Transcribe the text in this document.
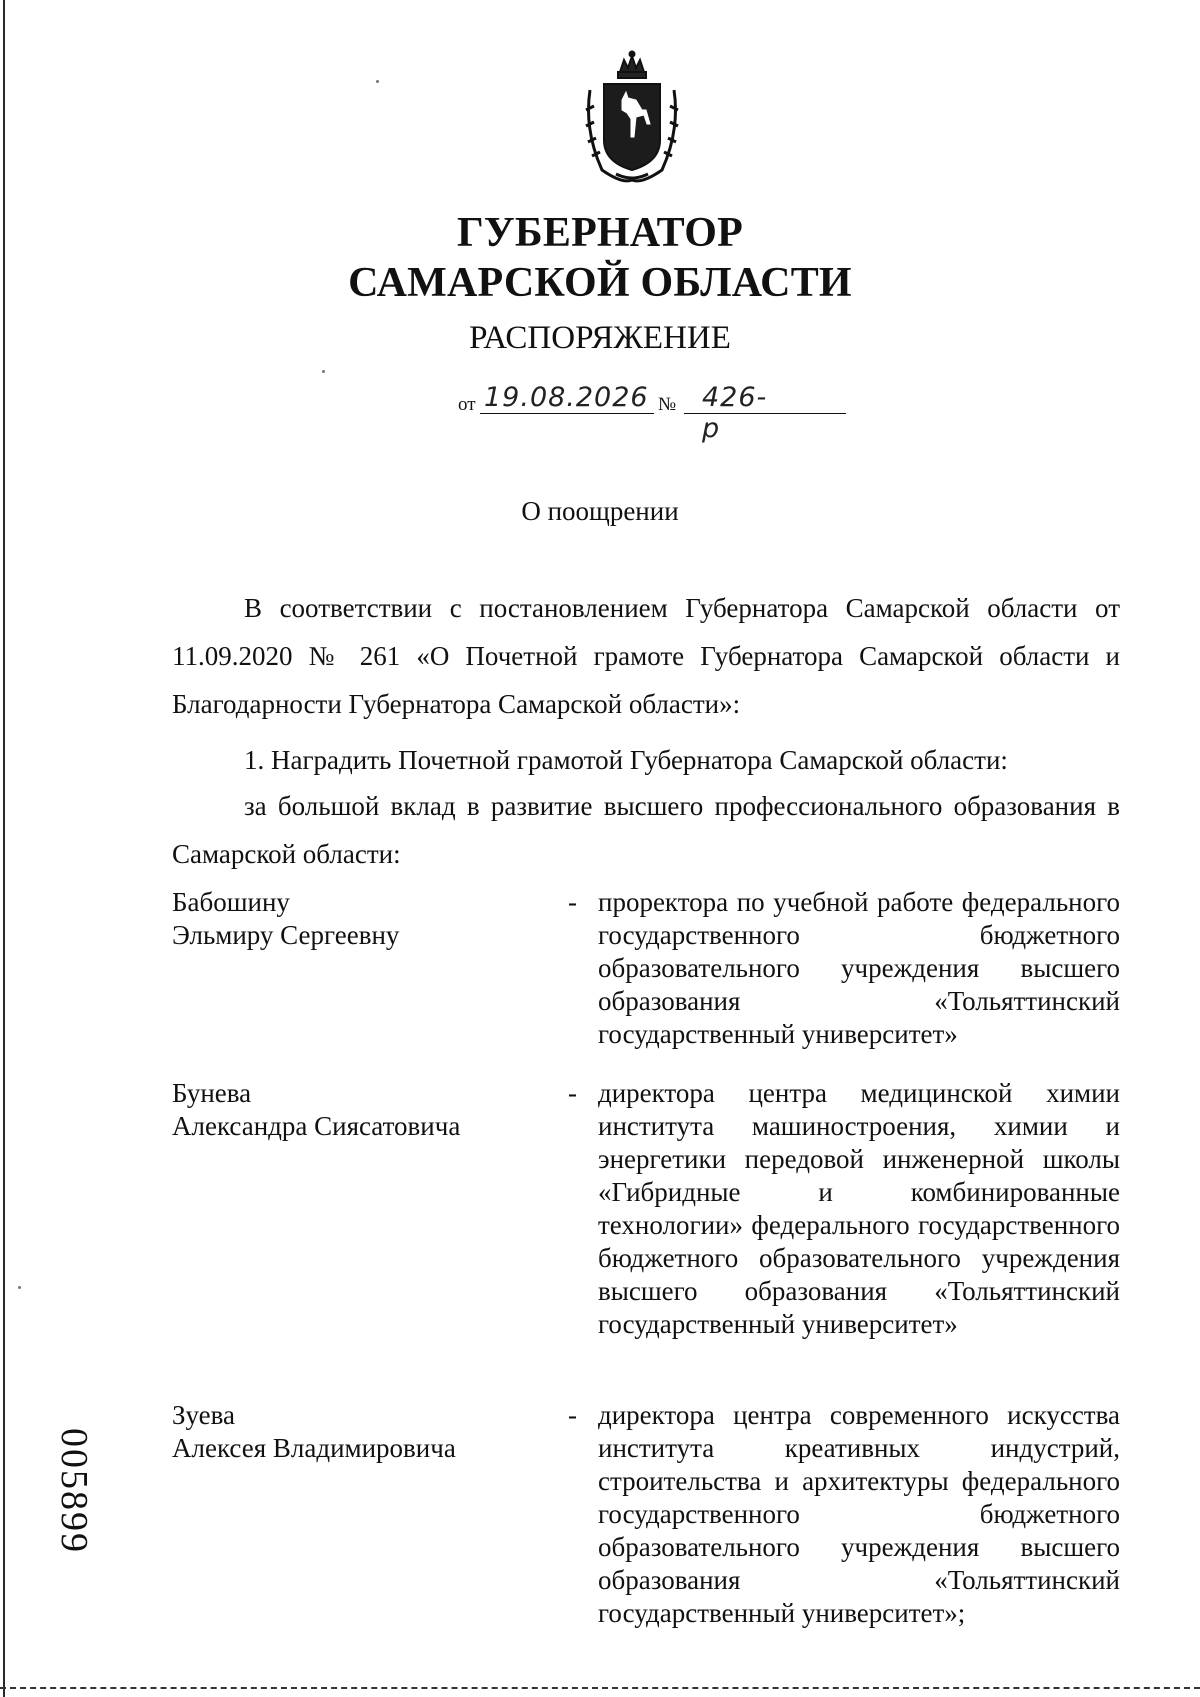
ГУБЕРНАТОР
САМАРСКОЙ ОБЛАСТИ
РАСПОРЯЖЕНИЕ
от 19.08.2026 № 426-р
О поощрении
В соответствии с постановлением Губернатора Самарской области от 11.09.2020 № 261 «О Почетной грамоте Губернатора Самарской области и Благодарности Губернатора Самарской области»:
1. Наградить Почетной грамотой Губернатора Самарской области:
за большой вклад в развитие высшего профессионального образования в Самарской области:
Бабошину
Эльмиру Сергеевну
- проректора по учебной работе федерального государственного бюджетного образовательного учреждения высшего образования «Тольяттинский государственный университет»
Бунева
Александра Сиясатовича
- директора центра медицинской химии института машиностроения, химии и энергетики передовой инженерной школы «Гибридные и комбинированные технологии» федерального государственного бюджетного образовательного учреждения высшего образования «Тольяттинский государственный университет»
Зуева
Алексея Владимировича
- директора центра современного искусства института креативных индустрий, строительства и архитектуры федерального государственного бюджетного образовательного учреждения высшего образования «Тольяттинский государственный университет»;
005899
